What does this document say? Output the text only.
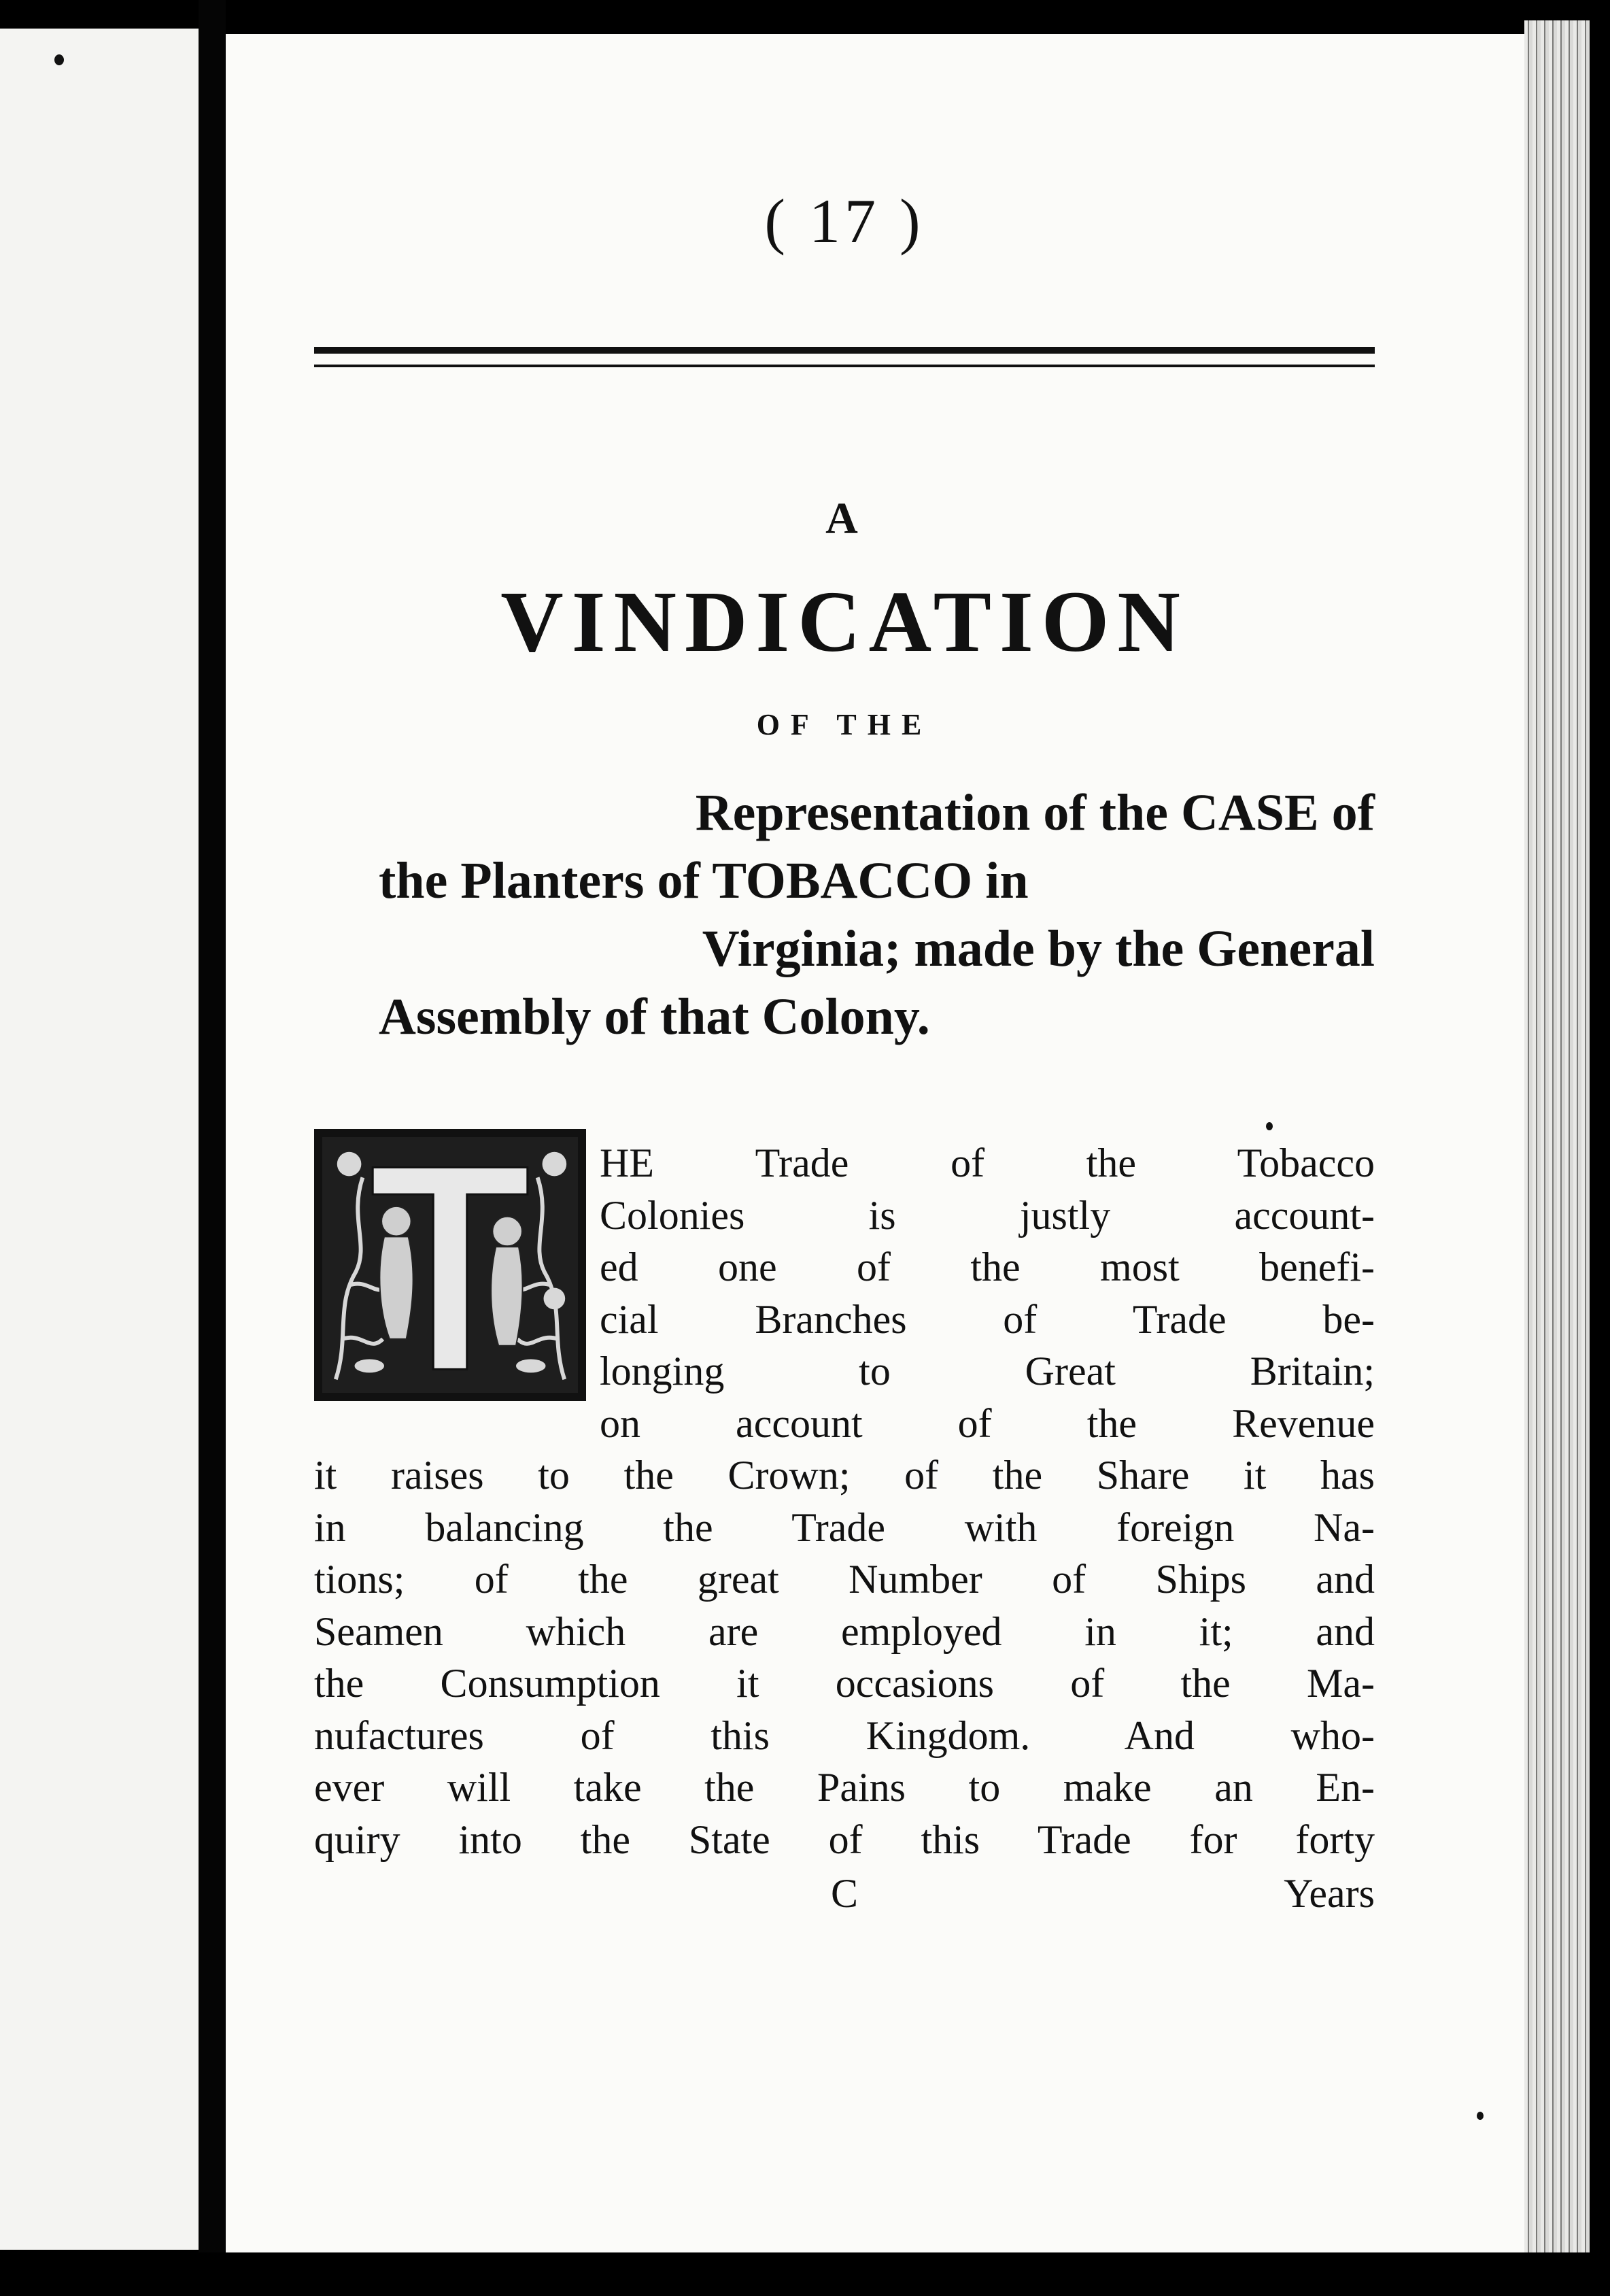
( 17 )
A
VINDICATION
OF THE
Representation of the CASE of
the Planters of TOBACCO in
Virginia; made by the General
Assembly of that Colony.
HE Trade of the Tobacco
Colonies is justly account-
ed one of the most benefi-
cial Branches of Trade be-
longing to Great Britain;
on account of the Revenue
it raises to the Crown; of the Share it has
in balancing the Trade with foreign Na-
tions; of the great Number of Ships and
Seamen which are employed in it; and
the Consumption it occasions of the Ma-
nufactures of this Kingdom. And who-
ever will take the Pains to make an En-
quiry into the State of this Trade for forty
C	Years
